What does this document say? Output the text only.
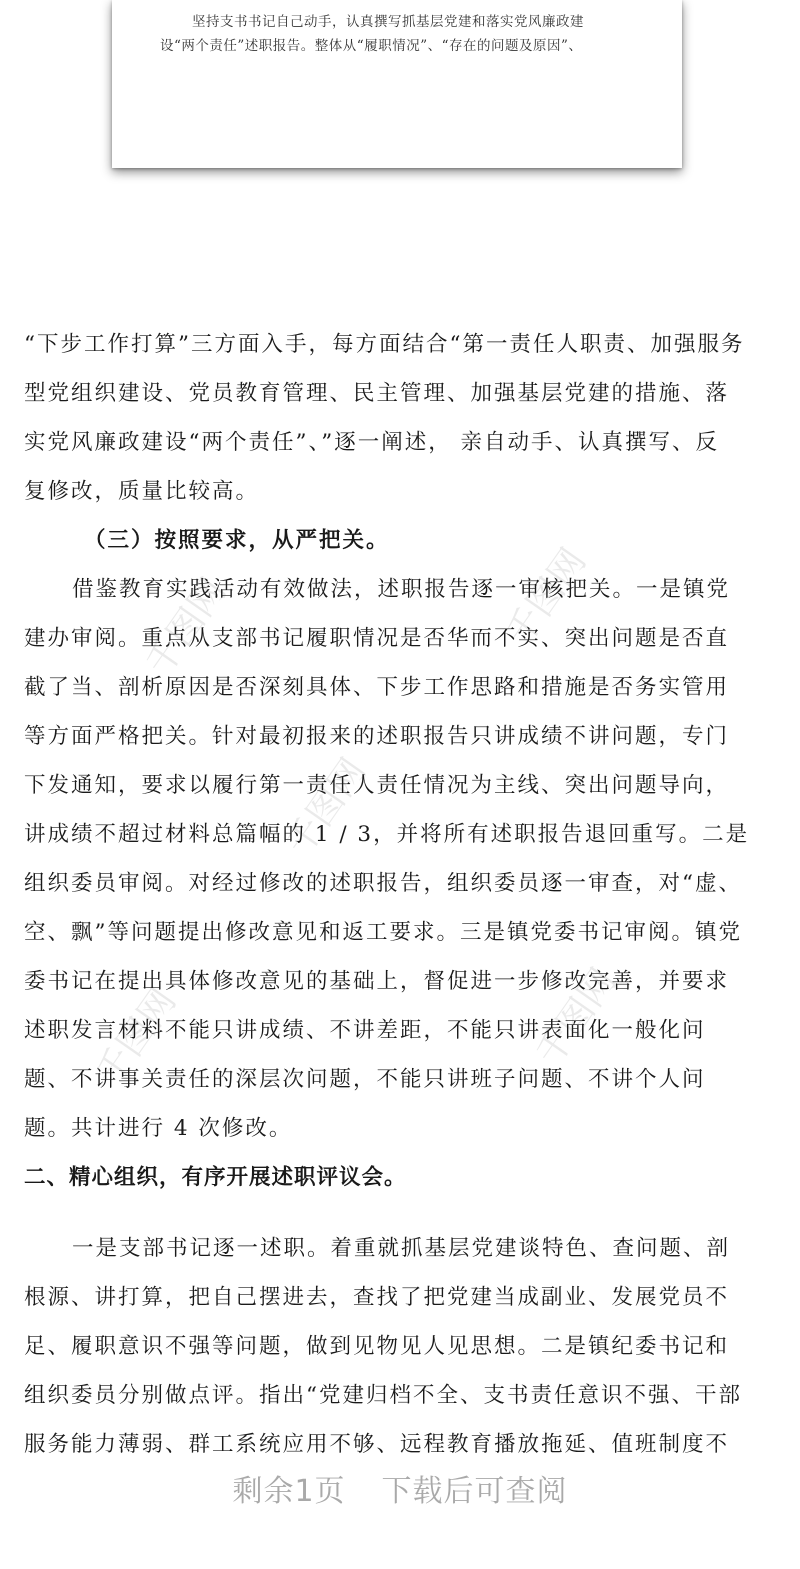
千图网	千图网
千图网
千图网	千图网

坚持支书书记自己动手，认真撰写抓基层党建和落实党风廉政建

设“两个责任”述职报告。整体从“履职情况”、“存在的问题及原因”、

“下步工作打算”三方面入手，每方面结合“第一责任人职责、加强服务

型党组织建设、党员教育管理、民主管理、加强基层党建的措施、落

实党风廉政建设“两个责任”、”逐一阐述， 亲自动手、认真撰写、反

复修改，质量比较高。

（三）按照要求，从严把关。

借鉴教育实践活动有效做法，述职报告逐一审核把关。一是镇党

建办审阅。重点从支部书记履职情况是否华而不实、突出问题是否直

截了当、剖析原因是否深刻具体、下步工作思路和措施是否务实管用

等方面严格把关。针对最初报来的述职报告只讲成绩不讲问题，专门

下发通知，要求以履行第一责任人责任情况为主线、突出问题导向，

讲成绩不超过材料总篇幅的 1 / 3，并将所有述职报告退回重写。二是

组织委员审阅。对经过修改的述职报告，组织委员逐一审查，对“虚、

空、飘”等问题提出修改意见和返工要求。三是镇党委书记审阅。镇党

委书记在提出具体修改意见的基础上，督促进一步修改完善，并要求

述职发言材料不能只讲成绩、不讲差距，不能只讲表面化一般化问

题、不讲事关责任的深层次问题，不能只讲班子问题、不讲个人问

题。共计进行 4 次修改。

二、精心组织，有序开展述职评议会。

一是支部书记逐一述职。着重就抓基层党建谈特色、查问题、剖

根源、讲打算，把自己摆进去，查找了把党建当成副业、发展党员不

足、履职意识不强等问题，做到见物见人见思想。二是镇纪委书记和

组织委员分别做点评。指出“党建归档不全、支书责任意识不强、干部

服务能力薄弱、群工系统应用不够、远程教育播放拖延、值班制度不

剩余1页 下载后可查阅
